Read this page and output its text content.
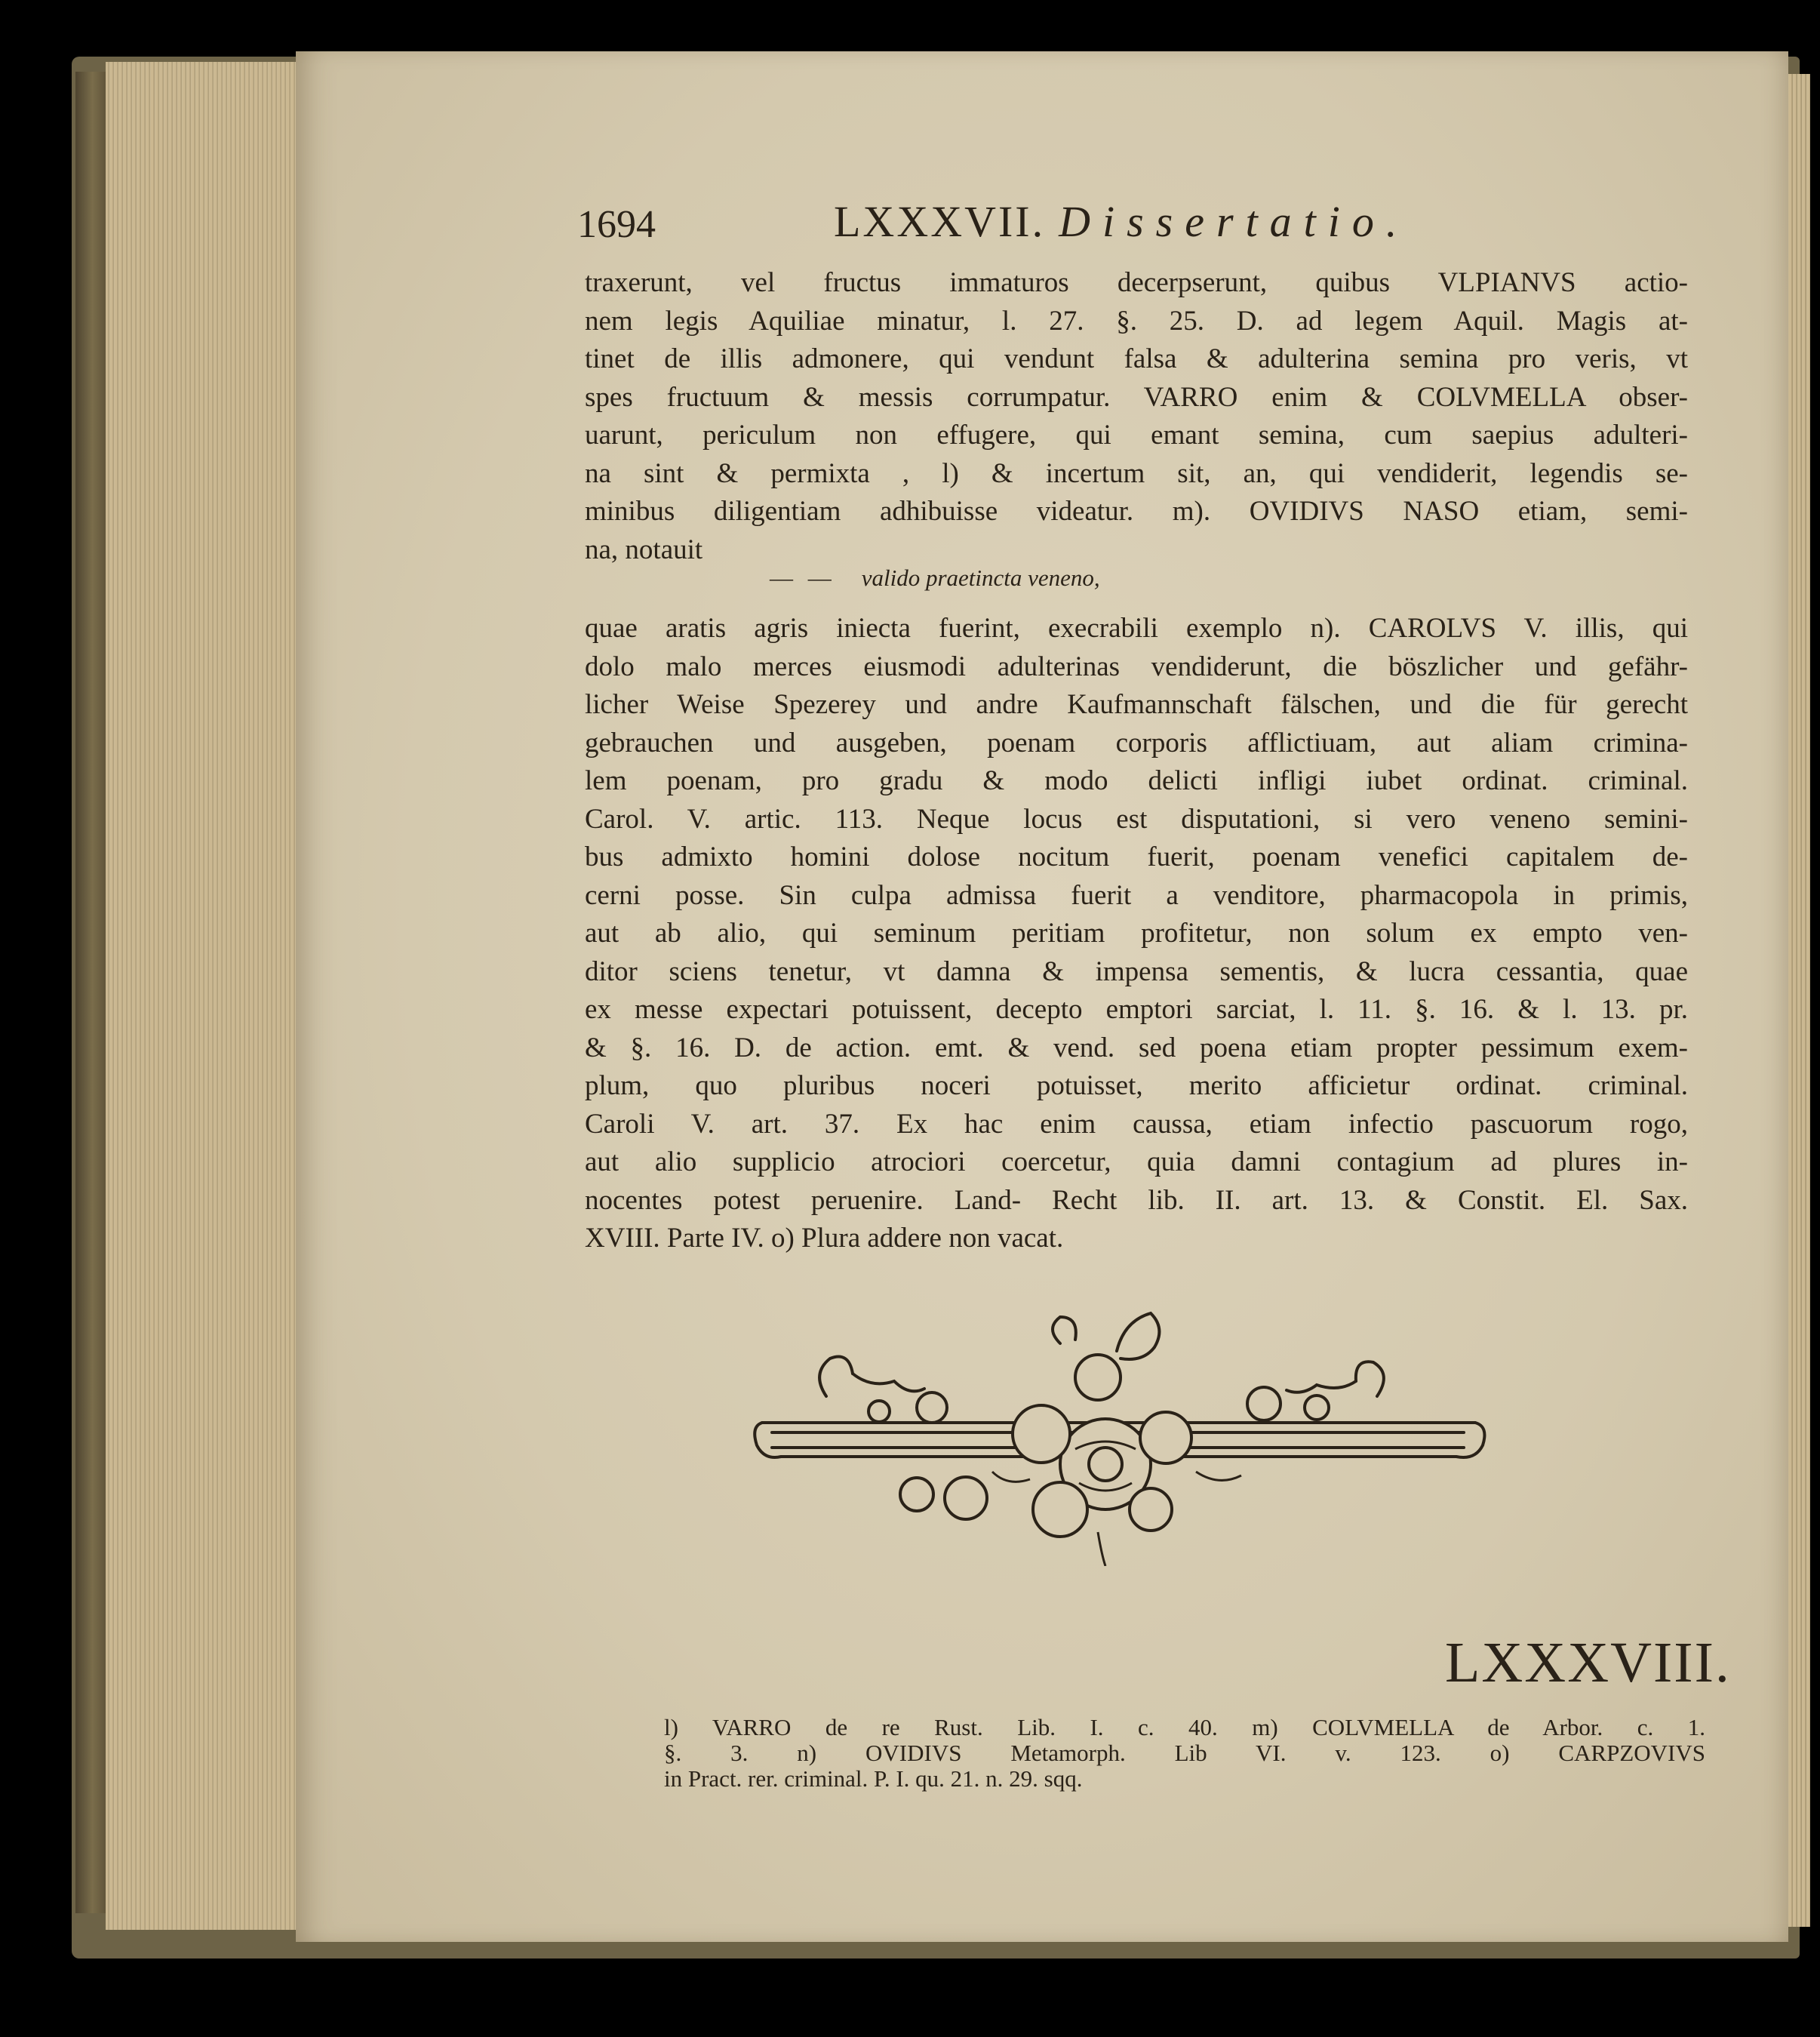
1694	LXXXVII. Dissertatio.
traxerunt, vel fructus immaturos decerpserunt, quibus VLPIANVS actio-
nem legis Aquiliae minatur, l. 27. §. 25. D. ad legem Aquil. Magis at-
tinet de illis admonere, qui vendunt falsa & adulterina semina pro veris, vt
spes fructuum & messis corrumpatur. VARRO enim & COLVMELLA obser-
uarunt, periculum non effugere, qui emant semina, cum saepius adulteri-
na sint & permixta , l) & incertum sit, an, qui vendiderit, legendis se-
minibus diligentiam adhibuisse videatur. m). OVIDIVS NASO etiam, semi-
na, notauit
— — valido praetincta veneno,
quae aratis agris iniecta fuerint, execrabili exemplo n). CAROLVS V. illis, qui
dolo malo merces eiusmodi adulterinas vendiderunt, die böszlicher und gefähr-
licher Weise Spezerey und andre Kaufmannschaft fälschen, und die für gerecht
gebrauchen und ausgeben, poenam corporis afflictiuam, aut aliam crimina-
lem poenam, pro gradu & modo delicti infligi iubet ordinat. criminal.
Carol. V. artic. 113. Neque locus est disputationi, si vero veneno semini-
bus admixto homini dolose nocitum fuerit, poenam venefici capitalem de-
cerni posse. Sin culpa admissa fuerit a venditore, pharmacopola in primis,
aut ab alio, qui seminum peritiam profitetur, non solum ex empto ven-
ditor sciens tenetur, vt damna & impensa sementis, & lucra cessantia, quae
ex messe expectari potuissent, decepto emptori sarciat, l. 11. §. 16. & l. 13. pr.
& §. 16. D. de action. emt. & vend. sed poena etiam propter pessimum exem-
plum, quo pluribus noceri potuisset, merito afficietur ordinat. criminal.
Caroli V. art. 37. Ex hac enim caussa, etiam infectio pascuorum rogo,
aut alio supplicio atrociori coercetur, quia damni contagium ad plures in-
nocentes potest peruenire. Land- Recht lib. II. art. 13. & Constit. El. Sax.
XVIII. Parte IV. o) Plura addere non vacat.
LXXXVIII.
l) VARRO de re Rust. Lib. I. c. 40. m) COLVMELLA de Arbor. c. 1.
§. 3. n) OVIDIVS Metamorph. Lib VI. v. 123. o) CARPZOVIVS
in Pract. rer. criminal. P. I. qu. 21. n. 29. sqq.
